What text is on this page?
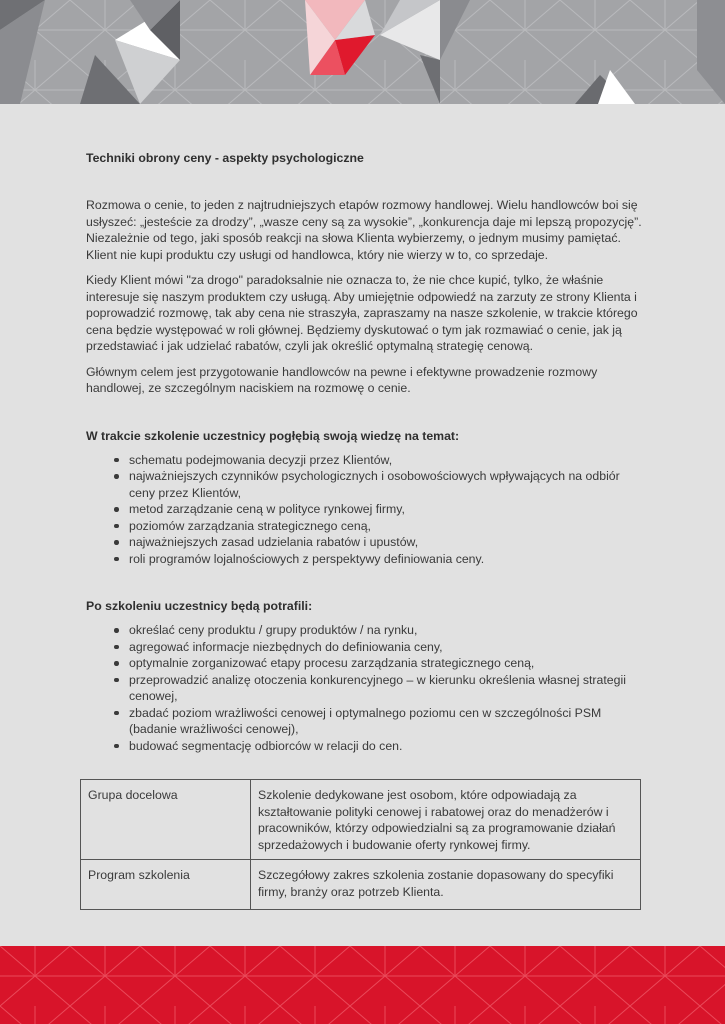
Techniki obrony ceny - aspekty psychologiczne

Rozmowa o cenie, to jeden z najtrudniejszych etapów rozmowy handlowej. Wielu handlowców boi się usłyszeć: „jesteście za drodzy”, „wasze ceny są za wysokie”, „konkurencja daje mi lepszą propozycję”. Niezależnie od tego, jaki sposób reakcji na słowa Klienta wybierzemy, o jednym musimy pamiętać. Klient nie kupi produktu czy usługi od handlowca, który nie wierzy w to, co sprzedaje.

Kiedy Klient mówi "za drogo" paradoksalnie nie oznacza to, że nie chce kupić, tylko, że właśnie interesuje się naszym produktem czy usługą. Aby umiejętnie odpowiedź na zarzuty ze strony Klienta i poprowadzić rozmowę, tak aby cena nie straszyła, zapraszamy na nasze szkolenie, w trakcie którego cena będzie występować w roli głównej. Będziemy dyskutować o tym jak rozmawiać o cenie, jak ją przedstawiać i jak udzielać rabatów, czyli jak określić optymalną strategię cenową.

Głównym celem jest przygotowanie handlowców na pewne i efektywne prowadzenie rozmowy handlowej, ze szczególnym naciskiem na rozmowę o cenie.

W trakcie szkolenie uczestnicy pogłębią swoją wiedzę na temat:
schematu podejmowania decyzji przez Klientów,
najważniejszych czynników psychologicznych i osobowościowych wpływających na odbiór ceny przez Klientów,
metod zarządzanie ceną w polityce rynkowej firmy,
poziomów zarządzania strategicznego ceną,
najważniejszych zasad udzielania rabatów i upustów,
roli programów lojalnościowych z perspektywy definiowania ceny.
Po szkoleniu uczestnicy będą potrafili:
określać ceny produktu / grupy produktów / na rynku,
agregować informacje niezbędnych do definiowania ceny,
optymalnie zorganizować etapy procesu zarządzania strategicznego ceną,
przeprowadzić analizę otoczenia konkurencyjnego – w kierunku określenia własnej strategii cenowej,
zbadać poziom wrażliwości cenowej i optymalnego poziomu cen w szczególności PSM (badanie wrażliwości cenowej),
budować segmentację odbiorców w relacji do cen.
Grupa docelowa	Szkolenie dedykowane jest osobom, które odpowiadają za kształtowanie polityki cenowej i rabatowej oraz do menadżerów i pracowników, którzy odpowiedzialni są za programowanie działań sprzedażowych i budowanie oferty rynkowej firmy.
Program szkolenia	Szczegółowy zakres szkolenia zostanie dopasowany do specyfiki firmy, branży oraz potrzeb Klienta.
